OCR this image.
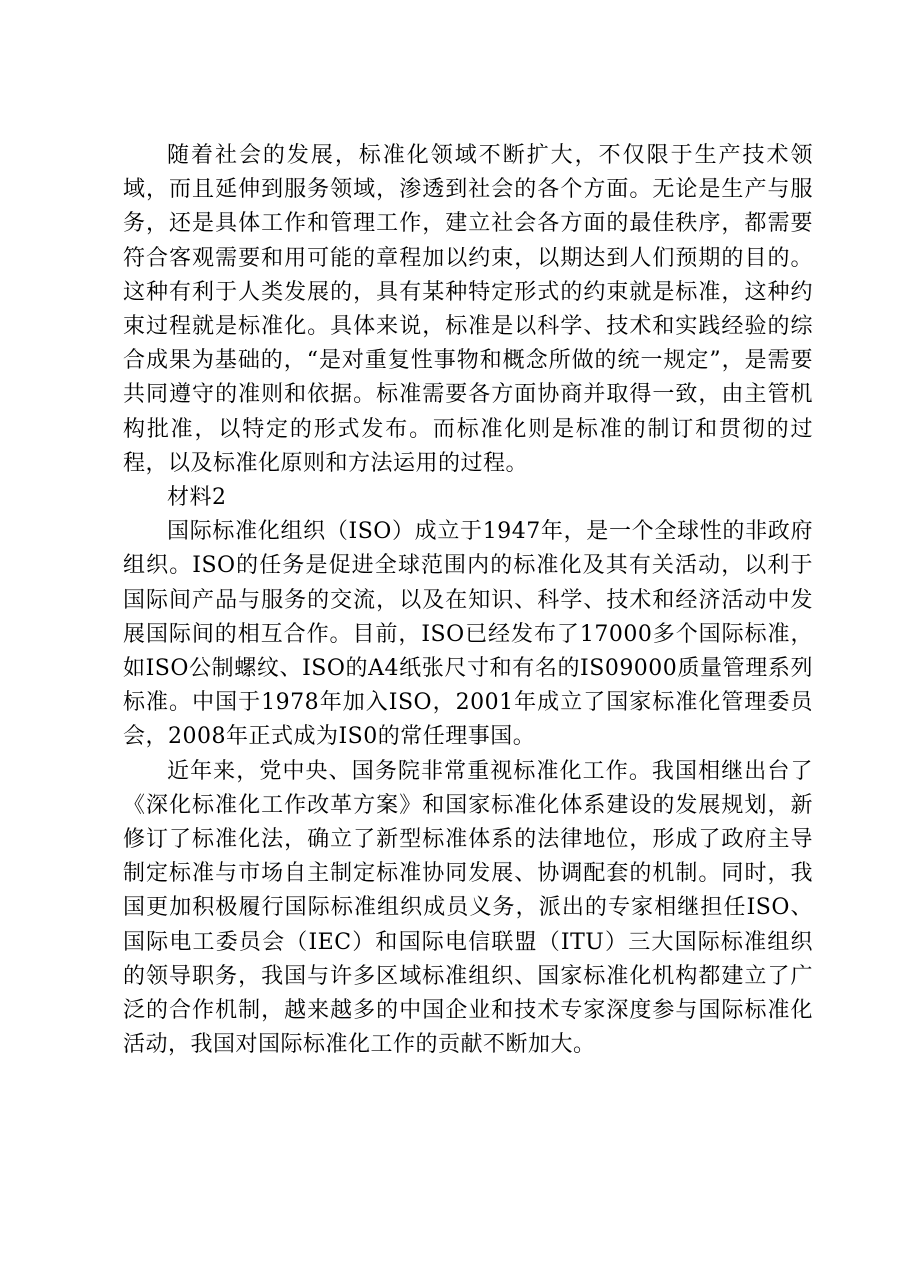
随着社会的发展，标准化领域不断扩大，不仅限于生产技术领域，而且延伸到服务领域，渗透到社会的各个方面。无论是生产与服务，还是具体工作和管理工作，建立社会各方面的最佳秩序，都需要符合客观需要和用可能的章程加以约束，以期达到人们预期的目的。这种有利于人类发展的，具有某种特定形式的约束就是标准，这种约束过程就是标准化。具体来说，标准是以科学、技术和实践经验的综合成果为基础的，“是对重复性事物和概念所做的统一规定”，是需要共同遵守的准则和依据。标准需要各方面协商并取得一致，由主管机构批准，以特定的形式发布。而标准化则是标准的制订和贯彻的过程，以及标准化原则和方法运用的过程。

材料2

国际标准化组织（ISO）成立于1947年，是一个全球性的非政府组织。ISO的任务是促进全球范围内的标准化及其有关活动，以利于国际间产品与服务的交流，以及在知识、科学、技术和经济活动中发展国际间的相互合作。目前，ISO已经发布了17000多个国际标准，如ISO公制螺纹、ISO的A4纸张尺寸和有名的IS09000质量管理系列标准。中国于1978年加入ISO，2001年成立了国家标准化管理委员会，2008年正式成为IS0的常任理事国。

近年来，党中央、国务院非常重视标准化工作。我国相继出台了《深化标准化工作改革方案》和国家标准化体系建设的发展规划，新修订了标准化法，确立了新型标准体系的法律地位，形成了政府主导制定标准与市场自主制定标准协同发展、协调配套的机制。同时，我国更加积极履行国际标准组织成员义务，派出的专家相继担任ISO、国际电工委员会（IEC）和国际电信联盟（ITU）三大国际标准组织的领导职务，我国与许多区域标准组织、国家标准化机构都建立了广泛的合作机制，越来越多的中国企业和技术专家深度参与国际标准化活动，我国对国际标准化工作的贡献不断加大。
